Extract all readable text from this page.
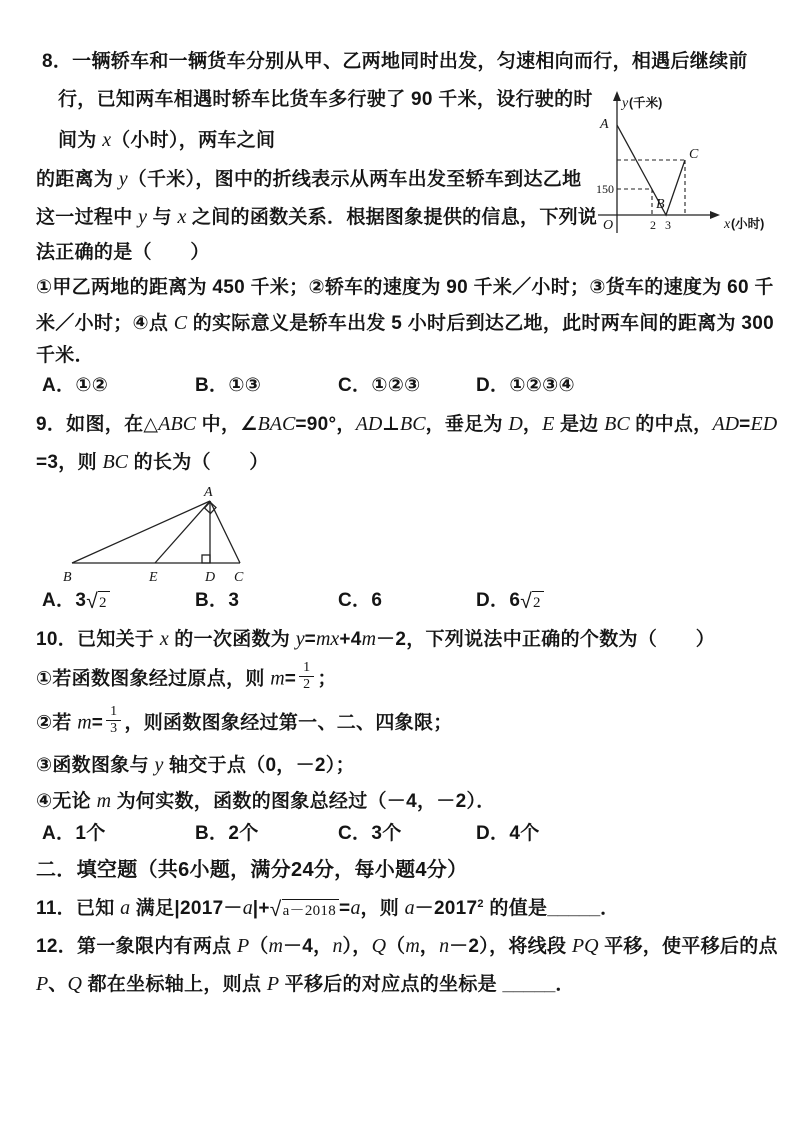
8．一辆轿车和一辆货车分别从甲、乙两地同时出发，匀速相向而行，相遇后继续前
行，已知两车相遇时轿车比货车多行驶了 90 千米，设行驶的时
间为 x（小时），两车之间
的距离为 y（千米），图中的折线表示从两车出发至轿车到达乙地
这一过程中 y 与 x 之间的函数关系．根据图象提供的信息，下列说
法正确的是（　　）
①甲乙两地的距离为 450 千米；②轿车的速度为 90 千米／小时；③货车的速度为 60 千
米／小时；④点 C 的实际意义是轿车出发 5 小时后到达乙地，此时两车间的距离为 300
千米．
A．①②	B．①③	C．①②③	D．①②③④
9．如图，在△ABC 中，∠BAC=90°，AD⊥BC，垂足为 D，E 是边 BC 的中点，AD=ED
=3，则 BC 的长为（　　）
A．3 √ 2	B．3	C．6	D．6 √ 2
10．已知关于 x 的一次函数为 y=mx+4m－2，下列说法中正确的个数为（　　）
①若函数图象经过原点，则 $m= \frac{1}{2}$ ；
②若 $m= \frac{1}{3}$ ，则函数图象经过第一、二、四象限；
③函数图象与 y 轴交于点（0，－2）；
④无论 m 为何实数，函数的图象总经过（－4，－2）．
A．1个	B．2个	C．3个	D．4个
二．填空题（共6小题，满分24分，每小题4分）
11．已知 a 满足|2017－a|+ √ a－2018 =a，则 $a-2017^2$ 的值是_____．
12．第一象限内有两点 P（m－4，n），Q（m，n－2），将线段 PQ 平移，使平移后的点
P、Q 都在坐标轴上，则点 P 平移后的对应点的坐标是 _____．
A
B
C
O
150
2 3
y (千米)
x (小时)
A
B	E	D C
